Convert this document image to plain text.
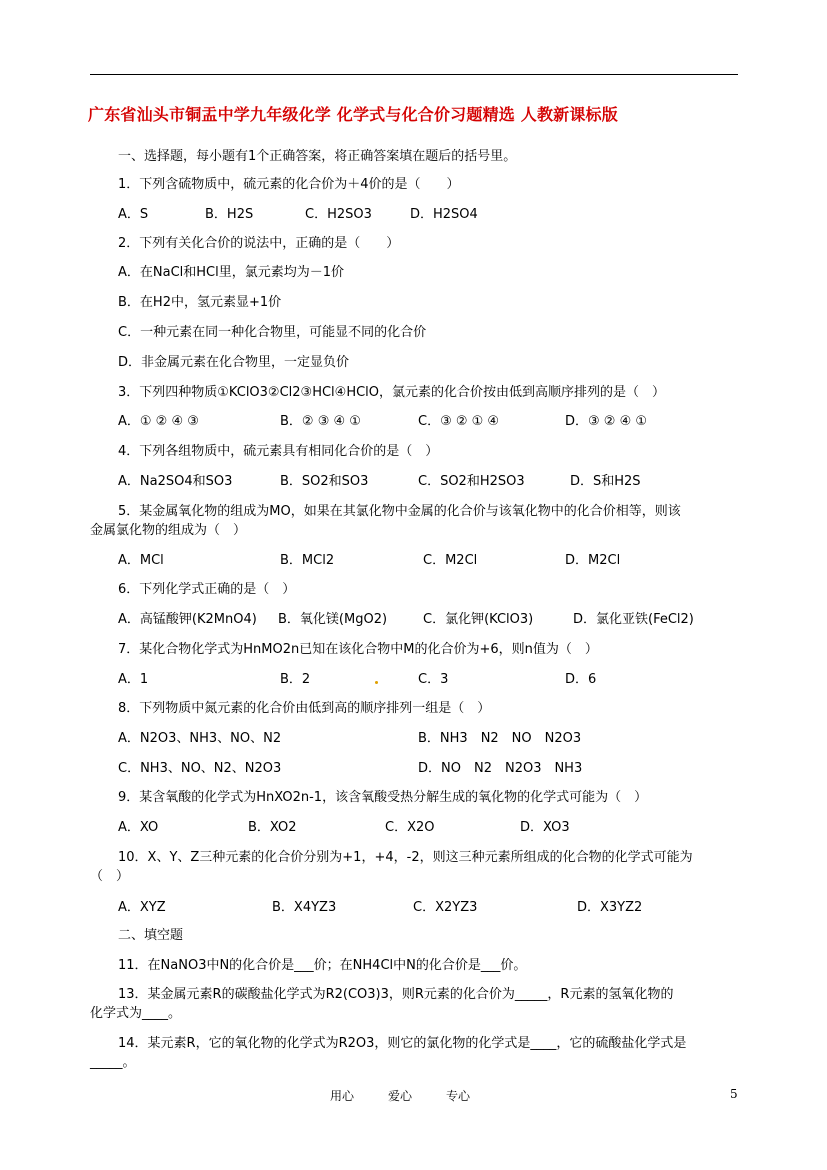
广东省汕头市铜盂中学九年级化学 化学式与化合价习题精选 人教新课标版
一、选择题，每小题有1个正确答案，将正确答案填在题后的括号里。
1．下列含硫物质中，硫元素的化合价为＋4价的是（　　）
A．S	B．H2S	C．H2SO3	D．H2SO4
2．下列有关化合价的说法中，正确的是（　　）
A．在NaCl和HCl里，氯元素均为－1价
B．在H2中，氢元素显+1价
C．一种元素在同一种化合物里，可能显不同的化合价
D．非金属元素在化合物里，一定显负价
3．下列四种物质①KClO3②Cl2③HCl④HClO，氯元素的化合价按由低到高顺序排列的是（　）
A．① ② ④ ③	B．② ③ ④ ①	C．③ ② ① ④	D．③ ② ④ ①
4．下列各组物质中，硫元素具有相同化合价的是（　）
A．Na2SO4和SO3	B．SO2和SO3	C．SO2和H2SO3	D．S和H2S
5．某金属氧化物的组成为MO，如果在其氯化物中金属的化合价与该氧化物中的化合价相等，则该
金属氯化物的组成为（　）
A．MCl	B．MCl2	C．M2Cl	D．M2Cl
6．下列化学式正确的是（　）
A．高锰酸钾(K2MnO4) B．氧化镁(MgO2)	C．氯化钾(KClO3)	D．氯化亚铁(FeCl2)
7．某化合物化学式为HnMO2n已知在该化合物中M的化合价为+6，则n值为（　）
A．1	B．2	C．3	D．6
8．下列物质中氮元素的化合价由低到高的顺序排列一组是（　）
A．N2O3、NH3、NO、N2	B．NH3　N2　NO　N2O3
C．NH3、NO、N2、N2O3	D．NO　N2　N2O3　NH3
9．某含氧酸的化学式为HnXO2n-1，该含氧酸受热分解生成的氧化物的化学式可能为（　）
A．XO	B．XO2	C．X2O	D．XO3
10．X、Y、Z三种元素的化合价分别为+1，+4，-2，则这三种元素所组成的化合物的化学式可能为
（　）
A．XYZ	B．X4YZ3	C．X2YZ3	D．X3YZ2
二、填空题
11．在NaNO3中N的化合价是___价；在NH4Cl中N的化合价是___价。
13．某金属元素R的碳酸盐化学式为R2(CO3)3，则R元素的化合价为_____，R元素的氢氧化物的
化学式为____。
14．某元素R，它的氧化物的化学式为R2O3，则它的氯化物的化学式是____，它的硫酸盐化学式是
_____。
用心	爱心	专心	5
